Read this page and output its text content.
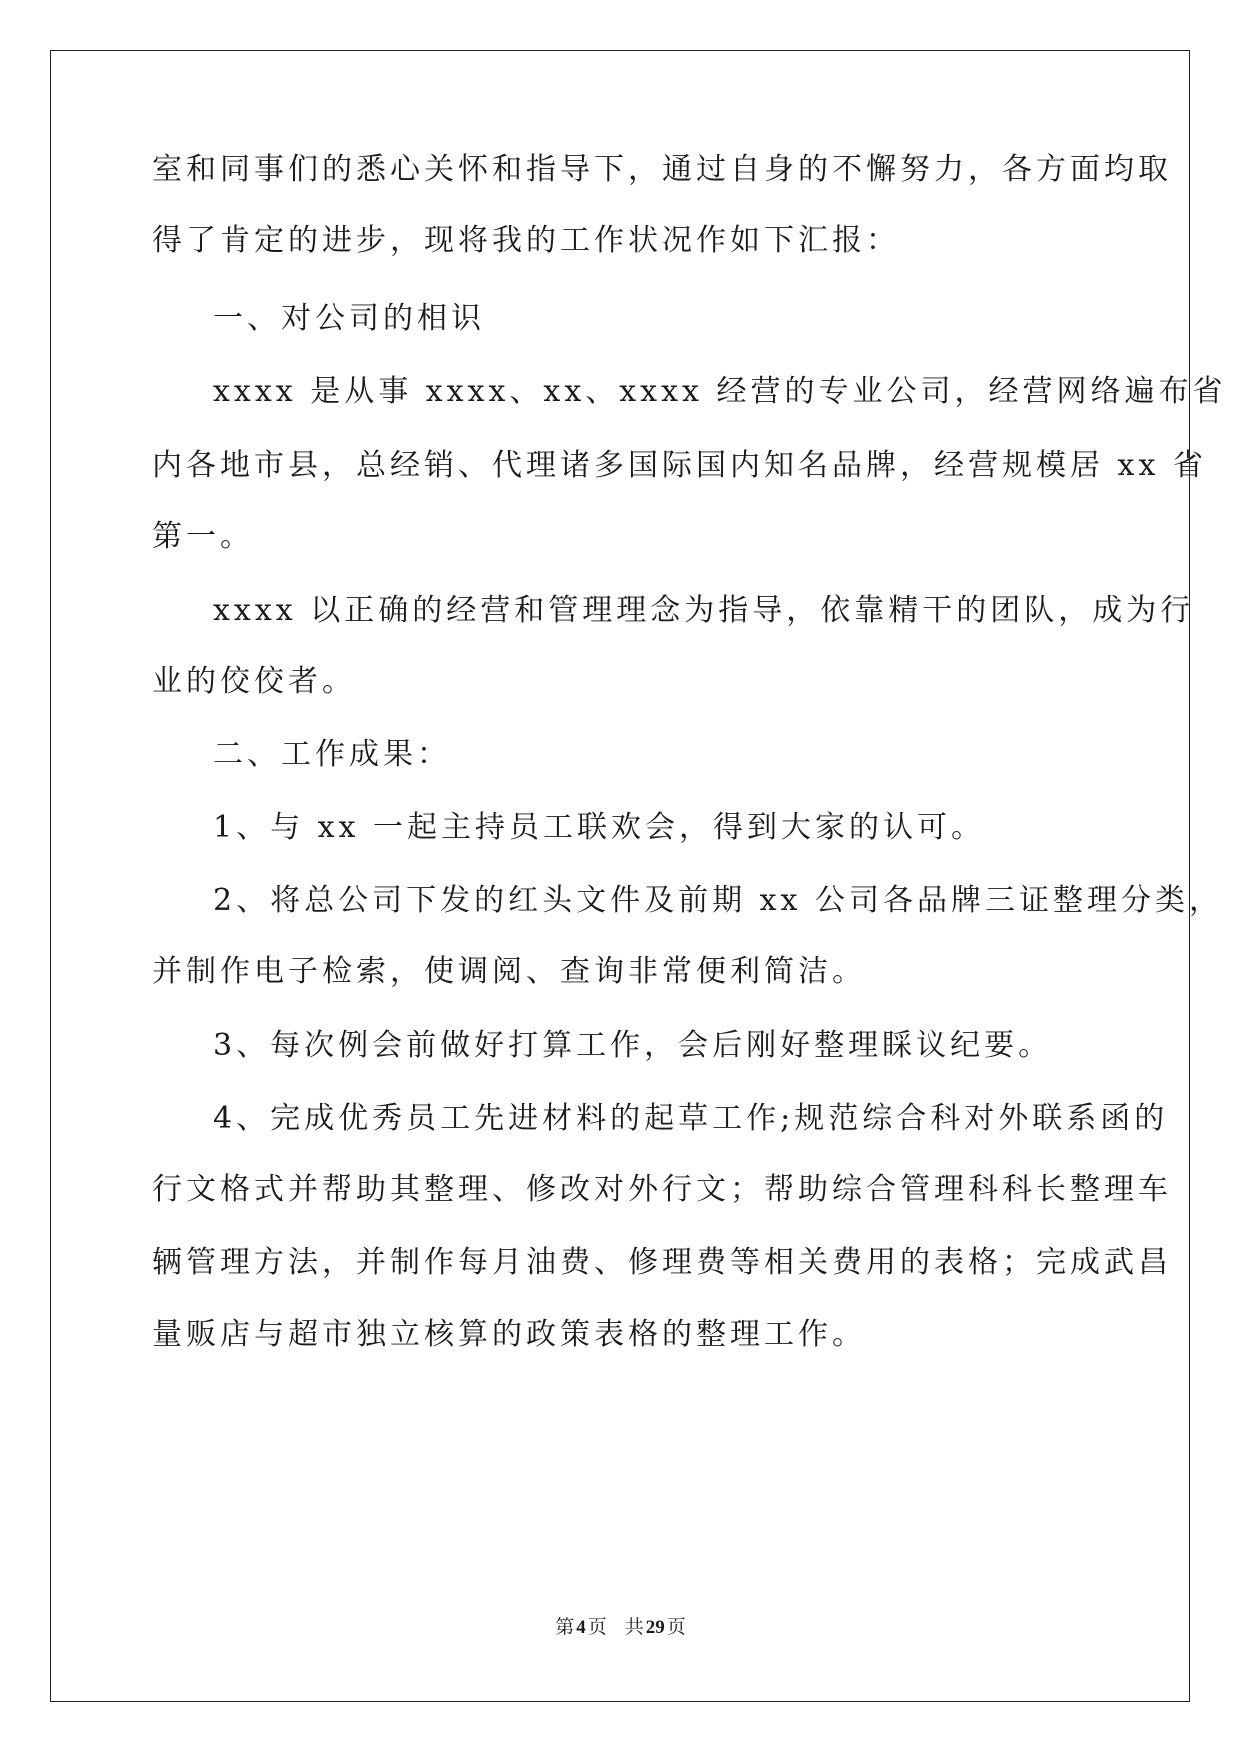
室和同事们的悉心关怀和指导下，通过自身的不懈努力，各方面均取
得了肯定的进步，现将我的工作状况作如下汇报：
一、对公司的相识
xxxx 是从事 xxxx、xx、xxxx 经营的专业公司，经营网络遍布省
内各地市县，总经销、代理诸多国际国内知名品牌，经营规模居 xx 省
第一。
xxxx 以正确的经营和管理理念为指导，依靠精干的团队，成为行
业的佼佼者。
二、工作成果：
1、与 xx 一起主持员工联欢会，得到大家的认可。
2、将总公司下发的红头文件及前期 xx 公司各品牌三证整理分类，
并制作电子检索，使调阅、查询非常便利简洁。
3、每次例会前做好打算工作，会后刚好整理睬议纪要。
4、完成优秀员工先进材料的起草工作;规范综合科对外联系函的
行文格式并帮助其整理、修改对外行文；帮助综合管理科科长整理车
辆管理方法，并制作每月油费、修理费等相关费用的表格；完成武昌
量贩店与超市独立核算的政策表格的整理工作。
第 4 页 共 29 页
